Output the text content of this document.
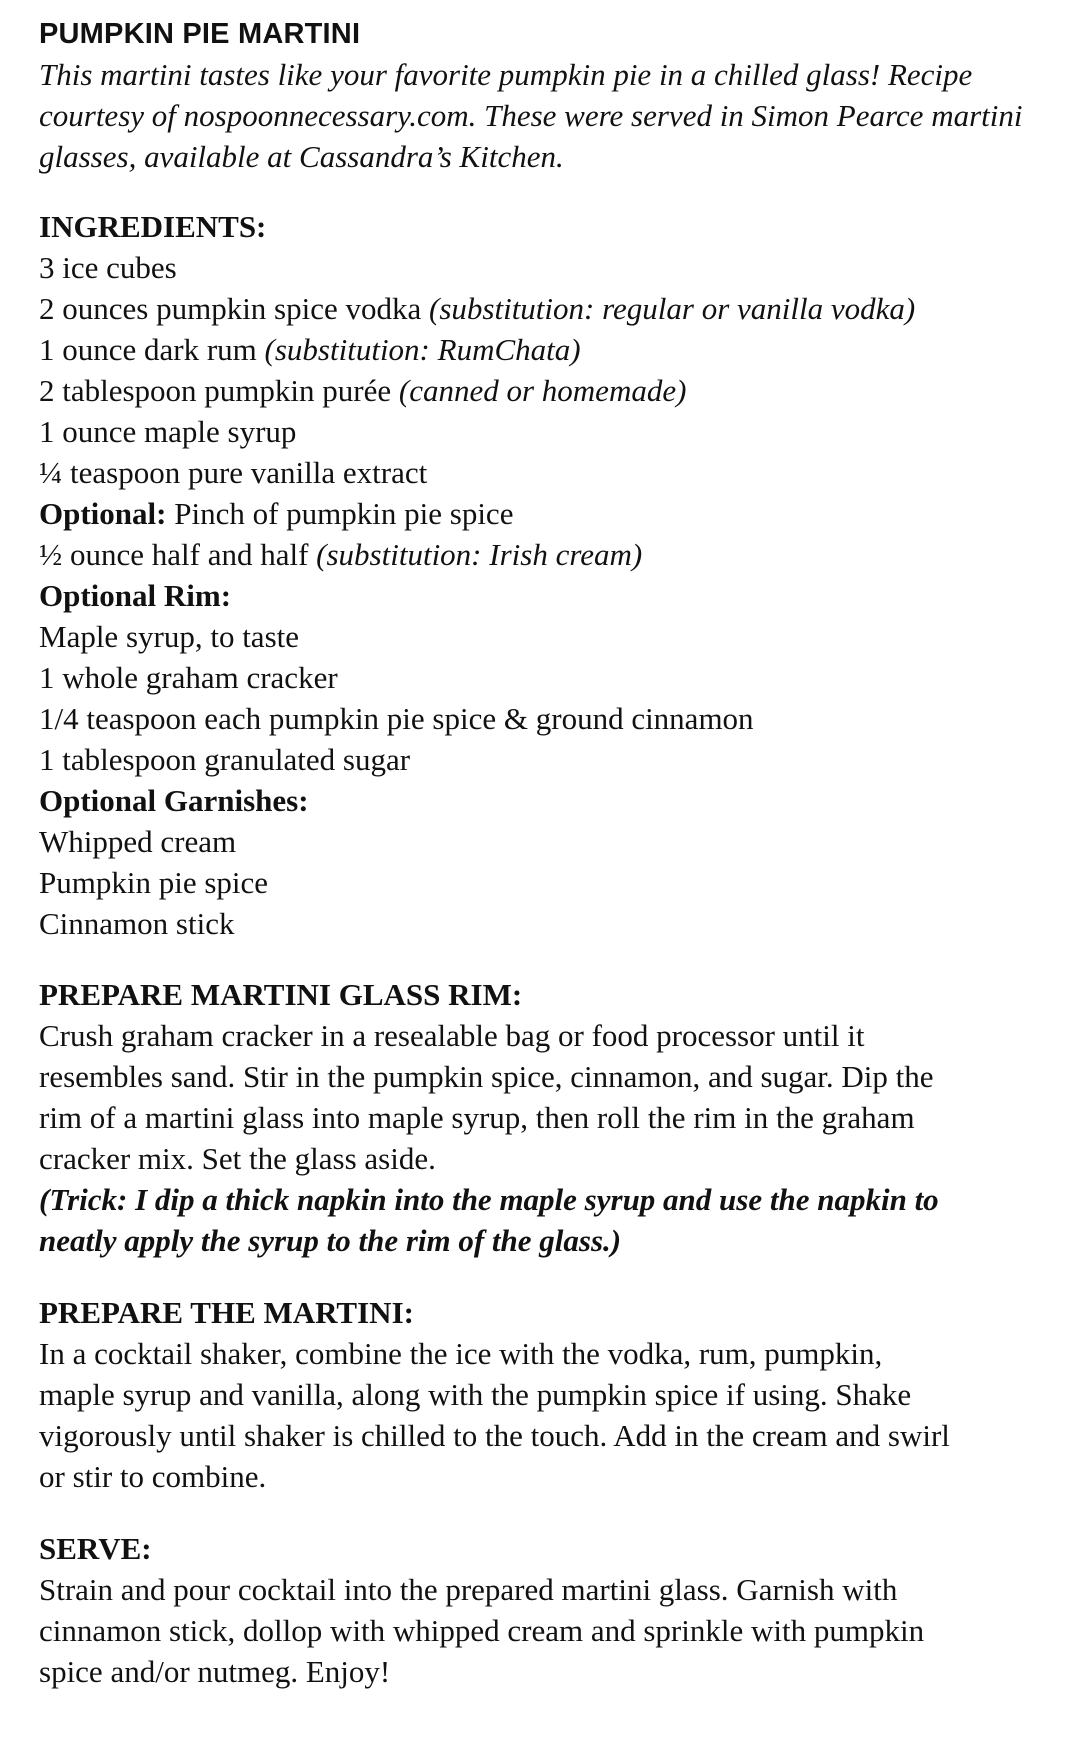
PUMPKIN PIE MARTINI

This martini tastes like your favorite pumpkin pie in a chilled glass! Recipe courtesy of nospoonnecessary.com. These were served in Simon Pearce martini glasses, available at Cassandra’s Kitchen.

INGREDIENTS:
3 ice cubes
2 ounces pumpkin spice vodka (substitution: regular or vanilla vodka)
1 ounce dark rum (substitution: RumChata)
2 tablespoon pumpkin purée (canned or homemade)
1 ounce maple syrup
¼ teaspoon pure vanilla extract
Optional: Pinch of pumpkin pie spice
½ ounce half and half (substitution: Irish cream)
Optional Rim:
Maple syrup, to taste
1 whole graham cracker
1/4 teaspoon each pumpkin pie spice & ground cinnamon
1 tablespoon granulated sugar
Optional Garnishes:
Whipped cream
Pumpkin pie spice
Cinnamon stick
PREPARE MARTINI GLASS RIM:
Crush graham cracker in a resealable bag or food processor until it
resembles sand. Stir in the pumpkin spice, cinnamon, and sugar. Dip the
rim of a martini glass into maple syrup, then roll the rim in the graham
cracker mix. Set the glass aside.
(Trick: I dip a thick napkin into the maple syrup and use the napkin to
neatly apply the syrup to the rim of the glass.)
PREPARE THE MARTINI:
In a cocktail shaker, combine the ice with the vodka, rum, pumpkin,
maple syrup and vanilla, along with the pumpkin spice if using. Shake
vigorously until shaker is chilled to the touch. Add in the cream and swirl
or stir to combine.
SERVE:
Strain and pour cocktail into the prepared martini glass. Garnish with
cinnamon stick, dollop with whipped cream and sprinkle with pumpkin
spice and/or nutmeg. Enjoy!
